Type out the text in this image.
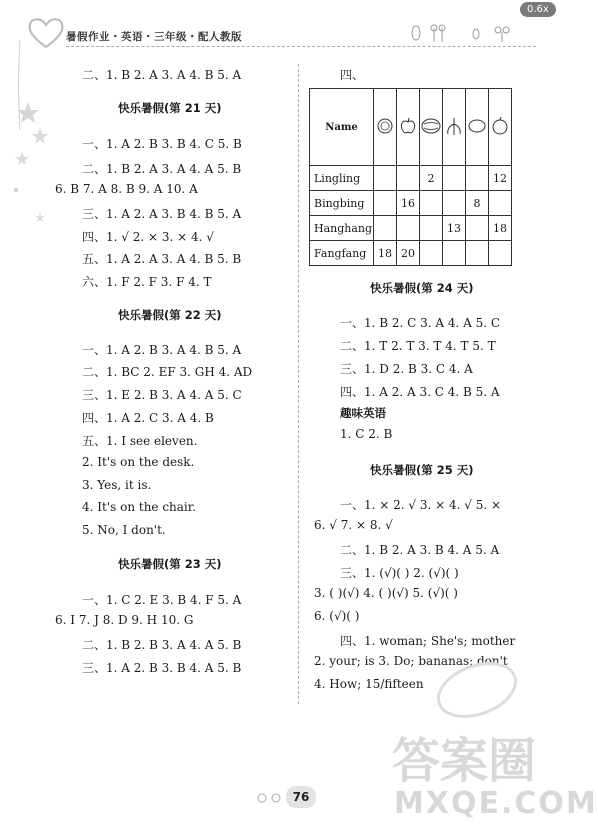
暑假作业・英语・三年级・配人教版
0.6x
二、1. B 2. A 3. A 4. B 5. A
快乐暑假(第 21 天)
一、1. A 2. B 3. B 4. C 5. B
二、1. B 2. A 3. A 4. A 5. B
6. B 7. A 8. B 9. A 10. A
三、1. A 2. A 3. B 4. B 5. A
四、1. √ 2. × 3. × 4. √
五、1. A 2. A 3. A 4. B 5. B
六、1. F 2. F 3. F 4. T
快乐暑假(第 22 天)
一、1. A 2. B 3. A 4. B 5. A
二、1. BC 2. EF 3. GH 4. AD
三、1. E 2. B 3. A 4. A 5. C
四、1. A 2. C 3. A 4. B
五、1. I see eleven.
2. It's on the desk.
3. Yes, it is.
4. It's on the chair.
5. No, I don't.
快乐暑假(第 23 天)
一、1. C 2. E 3. B 4. F 5. A
6. I 7. J 8. D 9. H 10. G
二、1. B 2. B 3. A 4. A 5. B
三、1. A 2. B 3. B 4. A 5. B
四、
Name						
Lingling			2			12
Bingbing		16			8	
Hanghang				13		18
Fangfang	18	20				
快乐暑假(第 24 天)
一、1. B 2. C 3. A 4. A 5. C
二、1. T 2. T 3. T 4. T 5. T
三、1. D 2. B 3. C 4. A
四、1. A 2. A 3. C 4. B 5. A
趣味英语
1. C 2. B
快乐暑假(第 25 天)
一、1. × 2. √ 3. × 4. √ 5. ×
6. √ 7. × 8. √
二、1. B 2. A 3. B 4. A 5. A
三、1. (√)( ) 2. (√)( )
3. ( )(√) 4. ( )(√) 5. (√)( )
6. (√)( )
四、1. woman; She's; mother
2. your; is 3. Do; bananas; don't
4. How; 15/fifteen
答案圈
MXQE.COM
76
